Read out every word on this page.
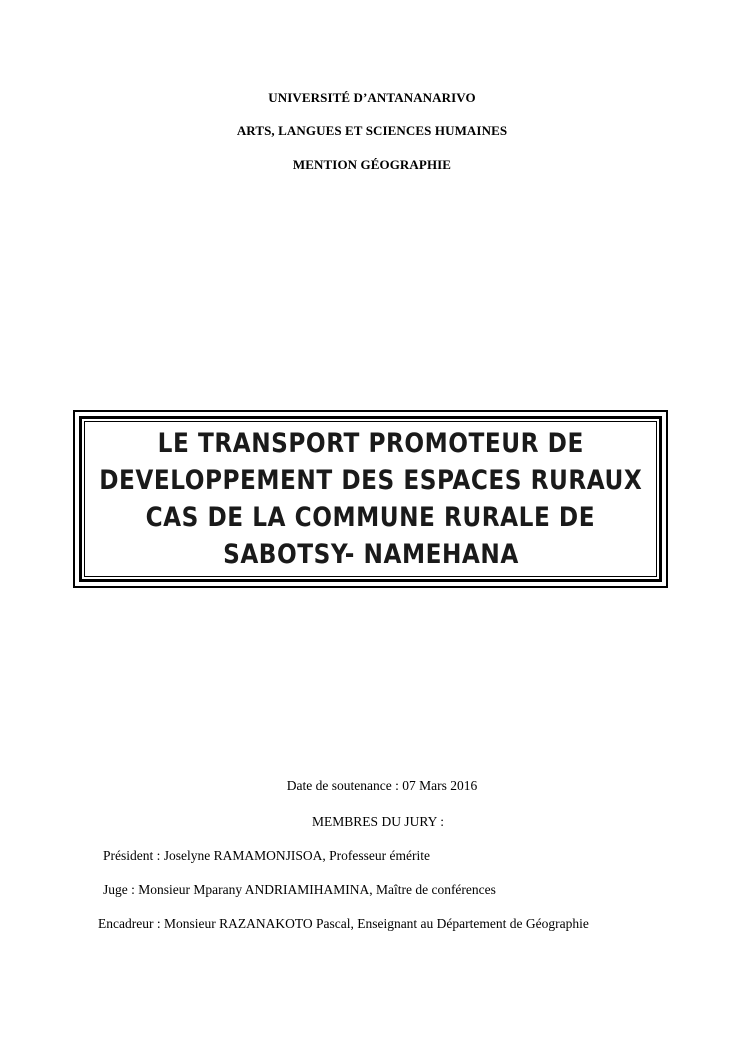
UNIVERSITÉ D’ANTANANARIVO
ARTS, LANGUES ET SCIENCES HUMAINES
MENTION GÉOGRAPHIE
LE TRANSPORT PROMOTEUR DE
DEVELOPPEMENT DES ESPACES RURAUX
CAS DE LA COMMUNE RURALE DE
SABOTSY- NAMEHANA
Date de soutenance : 07 Mars 2016
MEMBRES DU JURY :
Président : Joselyne RAMAMONJISOA, Professeur émérite
Juge : Monsieur Mparany ANDRIAMIHAMINA, Maître de conférences
Encadreur : Monsieur RAZANAKOTO Pascal, Enseignant au Département de Géographie
